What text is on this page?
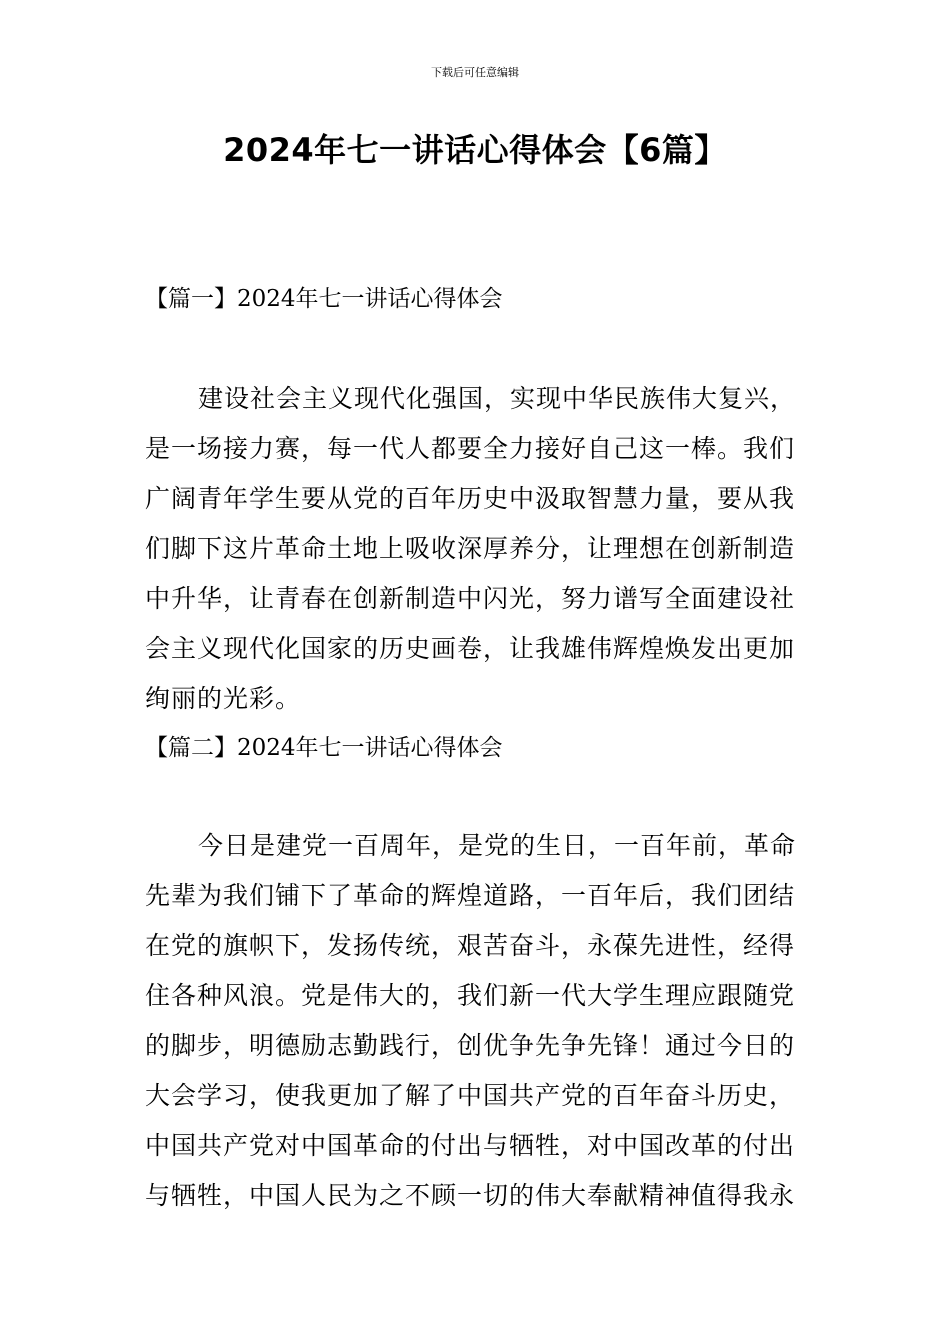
下载后可任意编辑
2024年七一讲话心得体会【6篇】
【篇一】2024年七一讲话心得体会
建设社会主义现代化强国，实现中华民族伟大复兴，
是一场接力赛，每一代人都要全力接好自己这一棒。我们
广阔青年学生要从党的百年历史中汲取智慧力量，要从我
们脚下这片革命土地上吸收深厚养分，让理想在创新制造
中升华，让青春在创新制造中闪光，努力谱写全面建设社
会主义现代化国家的历史画卷，让我雄伟辉煌焕发出更加
绚丽的光彩。
【篇二】2024年七一讲话心得体会
今日是建党一百周年，是党的生日，一百年前，革命
先辈为我们铺下了革命的辉煌道路，一百年后，我们团结
在党的旗帜下，发扬传统，艰苦奋斗，永葆先进性，经得
住各种风浪。党是伟大的，我们新一代大学生理应跟随党
的脚步，明德励志勤践行，创优争先争先锋！通过今日的
大会学习，使我更加了解了中国共产党的百年奋斗历史，
中国共产党对中国革命的付出与牺牲，对中国改革的付出
与牺牲，中国人民为之不顾一切的伟大奉献精神值得我永
